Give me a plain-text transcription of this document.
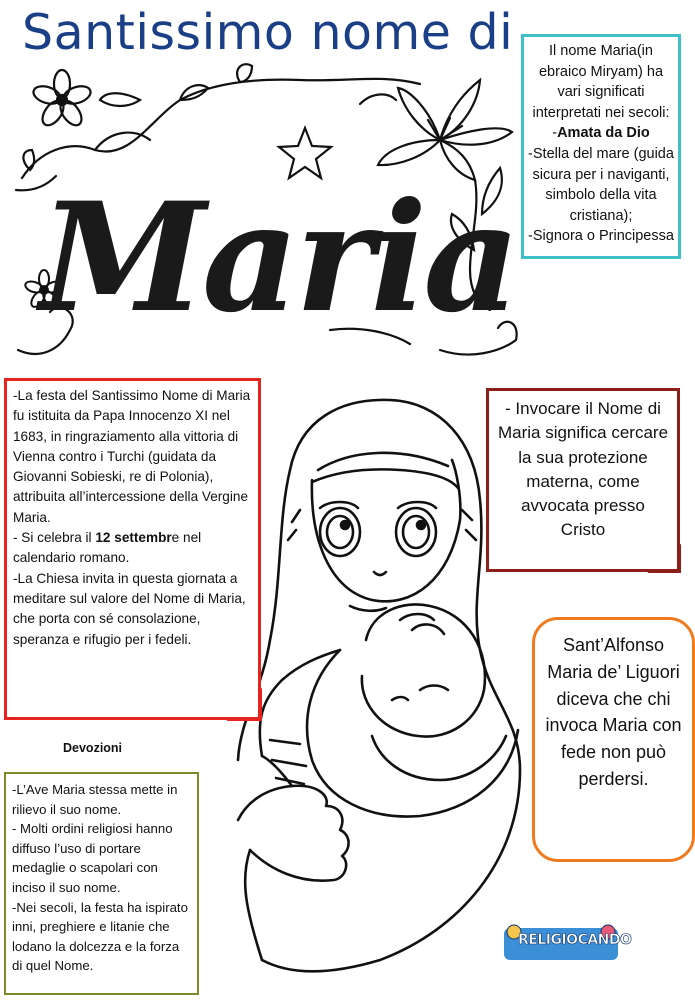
Santissimo nome di
Maria

Il nome Maria(in ebraico Miryam) ha vari significati interpretati nei secoli:

-Amata da Dio

-Stella del mare (guida sicura per i naviganti, simbolo della vita cristiana);

-Signora o Principessa

-La festa del Santissimo Nome di Maria fu istituita da Papa Innocenzo XI nel 1683, in ringraziamento alla vittoria di Vienna contro i Turchi (guidata da Giovanni Sobieski, re di Polonia), attribuita all’intercessione della Vergine Maria.

- Si celebra il 12 settembre nel calendario romano.

-La Chiesa invita in questa giornata a meditare sul valore del Nome di Maria, che porta con sé consolazione, speranza e rifugio per i fedeli.

- Invocare il Nome di Maria significa cercare la sua protezione materna, come avvocata presso Cristo

Sant’Alfonso Maria de’ Liguori diceva che chi invoca Maria con fede non può perdersi.

Devozioni

-L’Ave Maria stessa mette in rilievo il suo nome.

- Molti ordini religiosi hanno diffuso l’uso di portare medaglie o scapolari con inciso il suo nome.

-Nei secoli, la festa ha ispirato inni, preghiere e litanie che lodano la dolcezza e la forza di quel Nome.

RELIGIOCANDO
